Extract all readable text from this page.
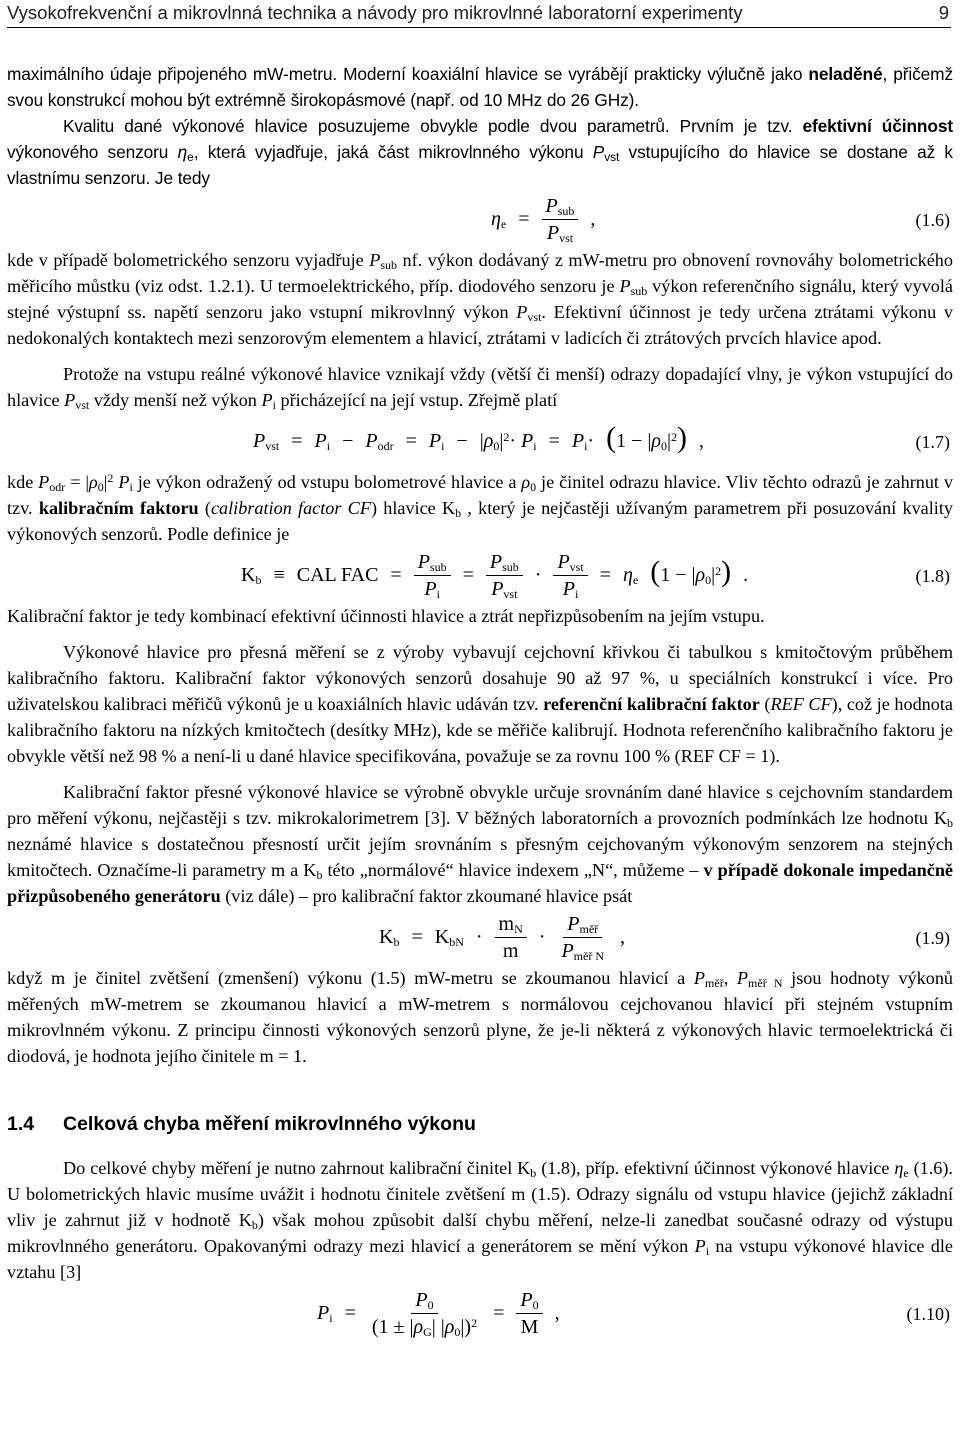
Vysokofrekvenční a mikrovlnná technika a návody pro mikrovlnné laboratorní experimenty	9

maximálního údaje připojeného mW-metru. Moderní koaxiální hlavice se vyrábějí prakticky výlučně jako neladěné, přičemž svou konstrukcí mohou být extrémně širokopásmové (např. od 10 MHz do 26 GHz).

Kvalitu dané výkonové hlavice posuzujeme obvykle podle dvou parametrů. Prvním je tzv. efektivní účinnost výkonového senzoru $\eta_e$, která vyjadřuje, jaká část mikrovlnného výkonu $P_{vst}$ vstupujícího do hlavice se dostane až k vlastnímu senzoru. Je tedy

$\eta_e = \frac{P_{sub}}{P_{vst}}$ ,	(1.6)

kde v případě bolometrického senzoru vyjadřuje $P_{sub}$ nf. výkon dodávaný z mW-metru pro obnovení rovnováhy bolometrického měřicího můstku (viz odst. 1.2.1). U termoelektrického, příp. diodového senzoru je $P_{sub}$ výkon referenčního signálu, který vyvolá stejné výstupní ss. napětí senzoru jako vstupní mikrovlnný výkon $P_{vst}$. Efektivní účinnost je tedy určena ztrátami výkonu v nedokonalých kontaktech mezi senzorovým elementem a hlavicí, ztrátami v ladicích či ztrátových prvcích hlavice apod.

Protože na vstupu reálné výkonové hlavice vznikají vždy (větší či menší) odrazy dopadající vlny, je výkon vstupující do hlavice $P_{vst}$ vždy menší než výkon $P_i$ přicházející na její vstup. Zřejmě platí

$P_{vst} = P_i - P_{odr} = P_i - |\rho_0|^2\cdot P_i = P_i\cdot (1 - |\rho_0|^2)$ ,	(1.7)

kde $P_{odr} = |\rho_0|^2$ $P_i$ je výkon odražený od vstupu bolometrové hlavice a $\rho_0$ je činitel odrazu hlavice. Vliv těchto odrazů je zahrnut v tzv. kalibračním faktoru (calibration factor CF) hlavice $K_b$ , který je nejčastěji užívaným parametrem při posuzování kvality výkonových senzorů. Podle definice je

$K_b$ ≡ CAL FAC = $\frac{P_{sub}}{P_i} = \frac{P_{sub}}{P_{vst}} \cdot \frac{P_{vst}}{P_i} = \eta_e$ $(1 - |\rho_0|^2)$ .	(1.8)

Kalibrační faktor je tedy kombinací efektivní účinnosti hlavice a ztrát nepřizpůsobením na jejím vstupu.

Výkonové hlavice pro přesná měření se z výroby vybavují cejchovní křivkou či tabulkou s kmitočtovým průběhem kalibračního faktoru. Kalibrační faktor výkonových senzorů dosahuje 90 až 97 %, u speciálních konstrukcí i více. Pro uživatelskou kalibraci měřičů výkonů je u koaxiálních hlavic udáván tzv. referenční kalibrační faktor (REF CF), což je hodnota kalibračního faktoru na nízkých kmitočtech (desítky MHz), kde se měřiče kalibrují. Hodnota referenčního kalibračního faktoru je obvykle větší než 98 % a není-li u dané hlavice specifikována, považuje se za rovnu 100 % (REF CF = 1).

Kalibrační faktor přesné výkonové hlavice se výrobně obvykle určuje srovnáním dané hlavice s cejchovním standardem pro měření výkonu, nejčastěji s tzv. mikrokalorimetrem [3]. V běžných laboratorních a provozních podmínkách lze hodnotu $K_b$ neznámé hlavice s dostatečnou přesností určit jejím srovnáním s přesným cejchovaným výkonovým senzorem na stejných kmitočtech. Označíme-li parametry m a $K_b$ této „normálové“ hlavice indexem „N“, můžeme – v případě dokonale impedančně přizpůsobeného generátoru (viz dále) – pro kalibrační faktor zkoumané hlavice psát

$K_b = K_{bN} \cdot \frac{m_N}{m} \cdot \frac{P_{měř}}{P_{měř N}}$ ,	(1.9)

když m je činitel zvětšení (zmenšení) výkonu (1.5) mW-metru se zkoumanou hlavicí a $P_{měř}$, $P_{měř N}$ jsou hodnoty výkonů měřených mW-metrem se zkoumanou hlavicí a mW-metrem s normálovou cejchovanou hlavicí při stejném vstupním mikrovlnném výkonu. Z principu činnosti výkonových senzorů plyne, že je-li některá z výkonových hlavic termoelektrická či diodová, je hodnota jejího činitele m = 1.

1.4 Celková chyba měření mikrovlnného výkonu

Do celkové chyby měření je nutno zahrnout kalibrační činitel $K_b$ (1.8), příp. efektivní účinnost výkonové hlavice $\eta_e$ (1.6). U bolometrických hlavic musíme uvážit i hodnotu činitele zvětšení m (1.5). Odrazy signálu od vstupu hlavice (jejichž základní vliv je zahrnut již v hodnotě $K_b$) však mohou způsobit další chybu měření, nelze-li zanedbat současné odrazy od výstupu mikrovlnného generátoru. Opakovanými odrazy mezi hlavicí a generátorem se mění výkon $P_i$ na vstupu výkonové hlavice dle vztahu [3]

$P_i = \frac{P_0}{(1 \pm |\rho_G| |\rho_0|)^2} = \frac{P_0}{M}$ ,	(1.10)
